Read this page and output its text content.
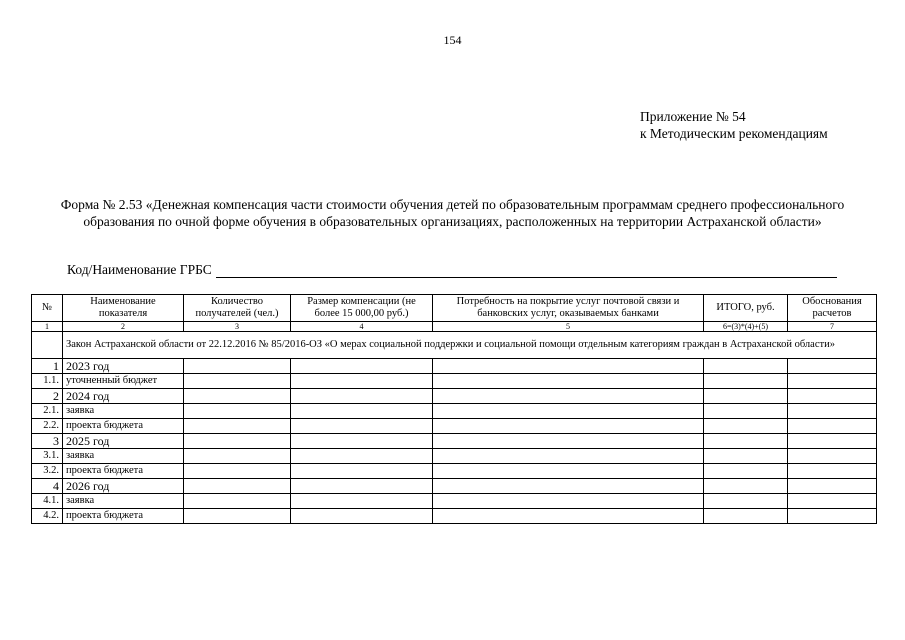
154
Приложение № 54
к Методическим рекомендациям
Форма № 2.53 «Денежная компенсация части стоимости обучения детей по образовательным программам среднего профессионального образования по очной форме обучения в образовательных организациях, расположенных на территории Астраханской области»
Код/Наименование ГРБС
№	Наименование показателя	Количество получателей (чел.)	Размер компенсации (не более 15 000,00 руб.)	Потребность на покрытие услуг почтовой связи и банковских услуг, оказываемых банками	ИТОГО, руб.	Обоснования расчетов
1	2	3	4	5	6=(3)*(4)+(5)	7
	Закон Астраханской области от 22.12.2016 № 85/2016-ОЗ «О мерах социальной поддержки и социальной помощи отдельным категориям граждан в Астраханской области»					
1	2023 год					
1.1.	уточненный бюджет					
2	2024 год					
2.1.	заявка					
2.2.	проекта бюджета					
3	2025 год					
3.1.	заявка					
3.2.	проекта бюджета					
4	2026 год					
4.1.	заявка					
4.2.	проекта бюджета					
